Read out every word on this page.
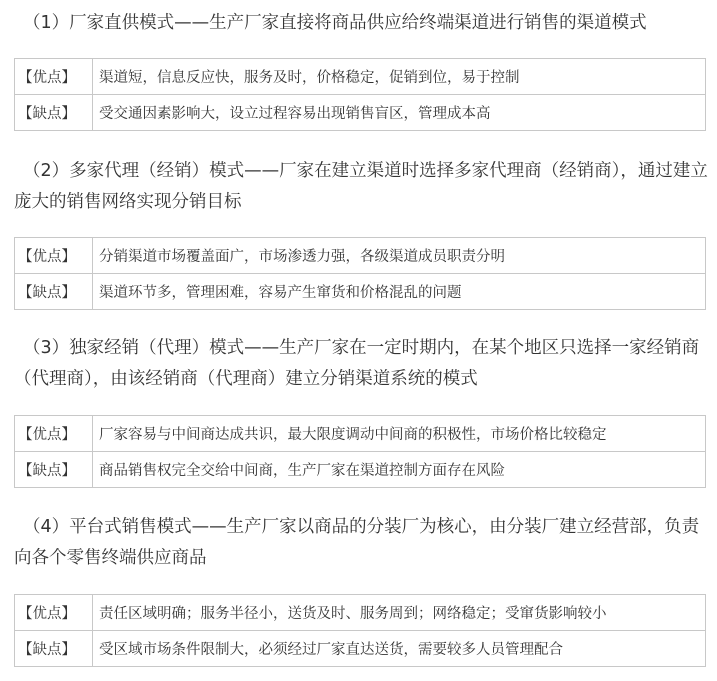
（1）厂家直供模式——生产厂家直接将商品供应给终端渠道进行销售的渠道模式

【优点】	渠道短，信息反应快，服务及时，价格稳定，促销到位，易于控制
【缺点】	受交通因素影响大，设立过程容易出现销售盲区，管理成本高

（2）多家代理（经销）模式——厂家在建立渠道时选择多家代理商（经销商），通过建立庞大的销售网络实现分销目标

【优点】	分销渠道市场覆盖面广，市场渗透力强，各级渠道成员职责分明
【缺点】	渠道环节多，管理困难，容易产生窜货和价格混乱的问题

（3）独家经销（代理）模式——生产厂家在一定时期内，在某个地区只选择一家经销商（代理商），由该经销商（代理商）建立分销渠道系统的模式

【优点】	厂家容易与中间商达成共识，最大限度调动中间商的积极性，市场价格比较稳定
【缺点】	商品销售权完全交给中间商，生产厂家在渠道控制方面存在风险

（4）平台式销售模式——生产厂家以商品的分装厂为核心，由分装厂建立经营部，负责向各个零售终端供应商品

【优点】	责任区域明确；服务半径小，送货及时、服务周到；网络稳定；受窜货影响较小
【缺点】	受区域市场条件限制大，必须经过厂家直达送货，需要较多人员管理配合
